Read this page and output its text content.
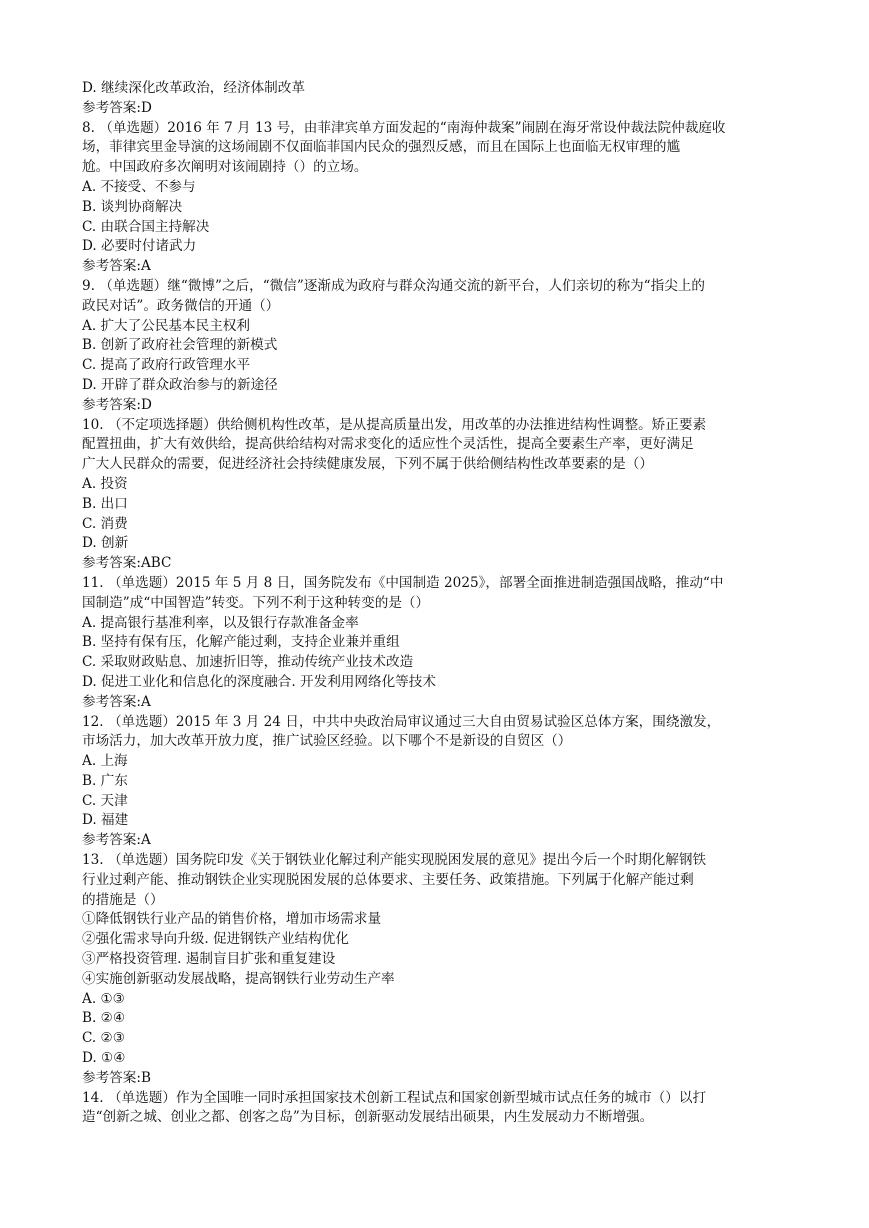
D. 继续深化改革政治，经济体制改革
参考答案:D
8. （单选题）2016 年 7 月 13 号，由菲津宾单方面发起的“南海仲裁案”闹剧在海牙常设仲裁法院仲裁庭收
场，菲律宾里金导演的这场闹剧不仅面临菲国内民众的强烈反感，而且在国际上也面临无权审理的尴
尬。中国政府多次阐明对该闹剧持（）的立场。
A. 不接受、不参与
B. 谈判协商解决
C. 由联合国主持解决
D. 必要时付诸武力
参考答案:A
9. （单选题）继“微博”之后，“微信”逐渐成为政府与群众沟通交流的新平台，人们亲切的称为“指尖上的
政民对话”。政务微信的开通（）
A. 扩大了公民基本民主权利
B. 创新了政府社会管理的新模式
C. 提高了政府行政管理水平
D. 开辟了群众政治参与的新途径
参考答案:D
10. （不定项选择题）供给侧机构性改革，是从提高质量出发，用改革的办法推进结构性调整。矫正要素
配置扭曲，扩大有效供给，提高供给结构对需求变化的适应性个灵活性，提高全要素生产率，更好满足
广大人民群众的需要，促进经济社会持续健康发展，下列不属于供给侧结构性改革要素的是（）
A. 投资
B. 出口
C. 消费
D. 创新
参考答案:ABC
11. （单选题）2015 年 5 月 8 日，国务院发布《中国制造 2025》，部署全面推进制造强国战略，推动“中
国制造”成“中国智造”转变。下列不利于这种转变的是（）
A. 提高银行基准利率，以及银行存款准备金率
B. 坚持有保有压，化解产能过剩，支持企业兼并重组
C. 采取财政贴息、加速折旧等，推动传统产业技术改造
D. 促进工业化和信息化的深度融合. 开发利用网络化等技术
参考答案:A
12. （单选题）2015 年 3 月 24 日，中共中央政治局审议通过三大自由贸易试验区总体方案，围绕激发，
市场活力，加大改革开放力度，推广试验区经验。以下哪个不是新设的自贸区（）
A. 上海
B. 广东
C. 天津
D. 福建
参考答案:A
13. （单选题）国务院印发《关于钢铁业化解过利产能实现脱困发展的意见》提出今后一个时期化解钢铁
行业过剩产能、推动钢铁企业实现脱困发展的总体要求、主要任务、政策措施。下列属于化解产能过剩
的措施是（）
①降低钢铁行业产品的销售价格，增加市场需求量
②强化需求导向升级. 促进钢铁产业结构优化
③严格投资管理. 遏制盲目扩张和重复建设
④实施创新驱动发展战略，提高钢铁行业劳动生产率
A. ①③
B. ②④
C. ②③
D. ①④
参考答案:B
14. （单选题）作为全国唯一同时承担国家技术创新工程试点和国家创新型城市试点任务的城市（）以打
造“创新之城、创业之都、创客之岛”为目标，创新驱动发展结出硕果，内生发展动力不断增强。
